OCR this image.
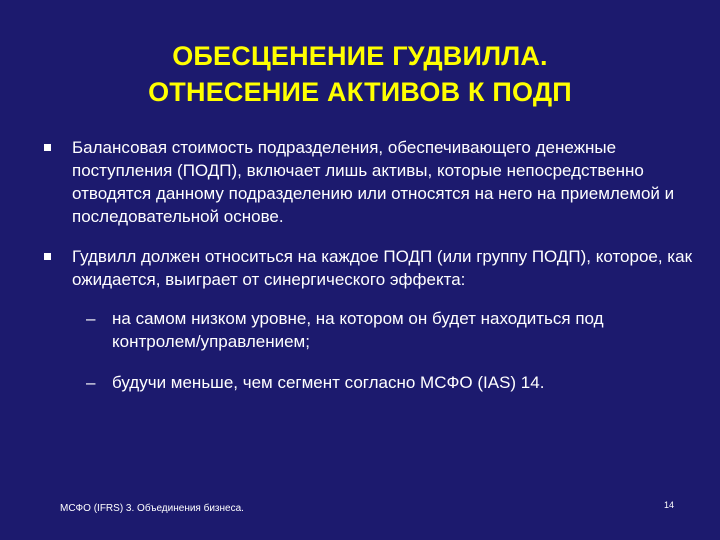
ОБЕСЦЕНЕНИЕ ГУДВИЛЛА.
ОТНЕСЕНИЕ АКТИВОВ К ПОДП
Балансовая стоимость подразделения, обеспечивающего денежные поступления (ПОДП), включает лишь активы, которые непосредственно отводятся данному подразделению или относятся на него на приемлемой и последовательной основе.
Гудвилл должен относиться на каждое ПОДП (или группу ПОДП), которое, как ожидается, выиграет от синергического эффекта:
– на самом низком уровне, на котором он будет находиться под контролем/управлением;
– будучи меньше, чем сегмент согласно МСФО (IAS) 14.
МСФО (IFRS) 3. Объединения бизнеса.	14
